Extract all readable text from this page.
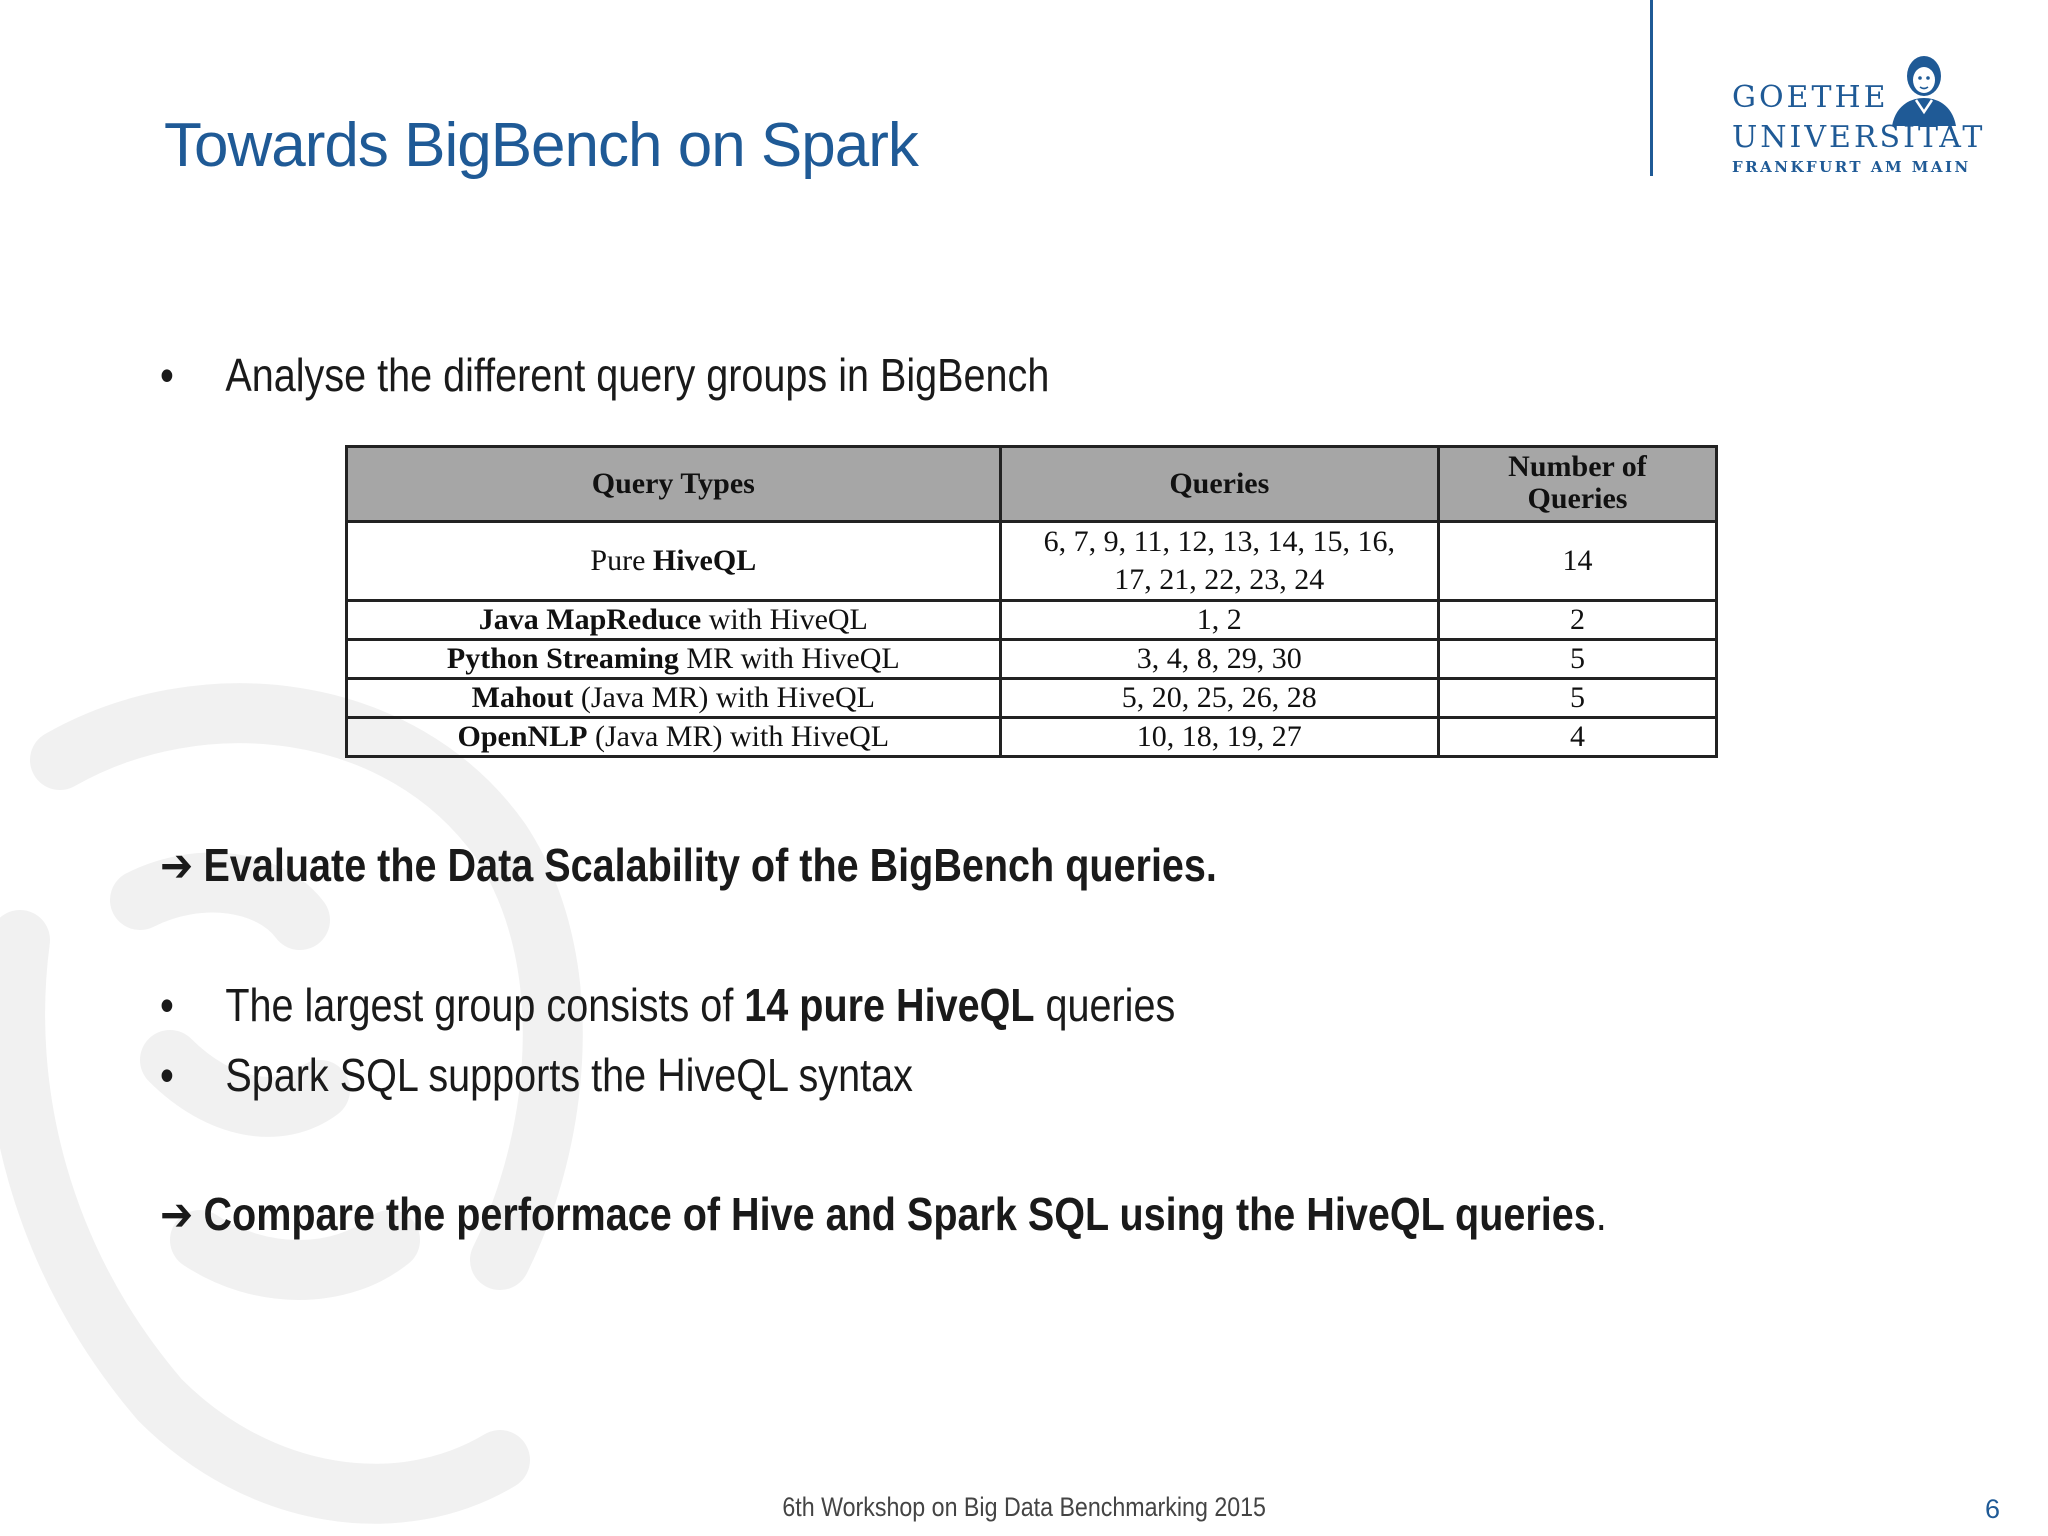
Towards BigBench on Spark
GOETHE
UNIVERSITÄT
FRANKFURT AM MAIN
• Analyse the different query groups in BigBench
Query Types	Queries	Number of Queries
Pure HiveQL	6, 7, 9, 11, 12, 13, 14, 15, 16, 17, 21, 22, 23, 24	14
Java MapReduce with HiveQL	1, 2	2
Python Streaming MR with HiveQL	3, 4, 8, 29, 30	5
Mahout (Java MR) with HiveQL	5, 20, 25, 26, 28	5
OpenNLP (Java MR) with HiveQL	10, 18, 19, 27	4
➔ Evaluate the Data Scalability of the BigBench queries.
• The largest group consists of 14 pure HiveQL queries
• Spark SQL supports the HiveQL syntax
➔ Compare the performace of Hive and Spark SQL using the HiveQL queries.
6th Workshop on Big Data Benchmarking 2015	6
